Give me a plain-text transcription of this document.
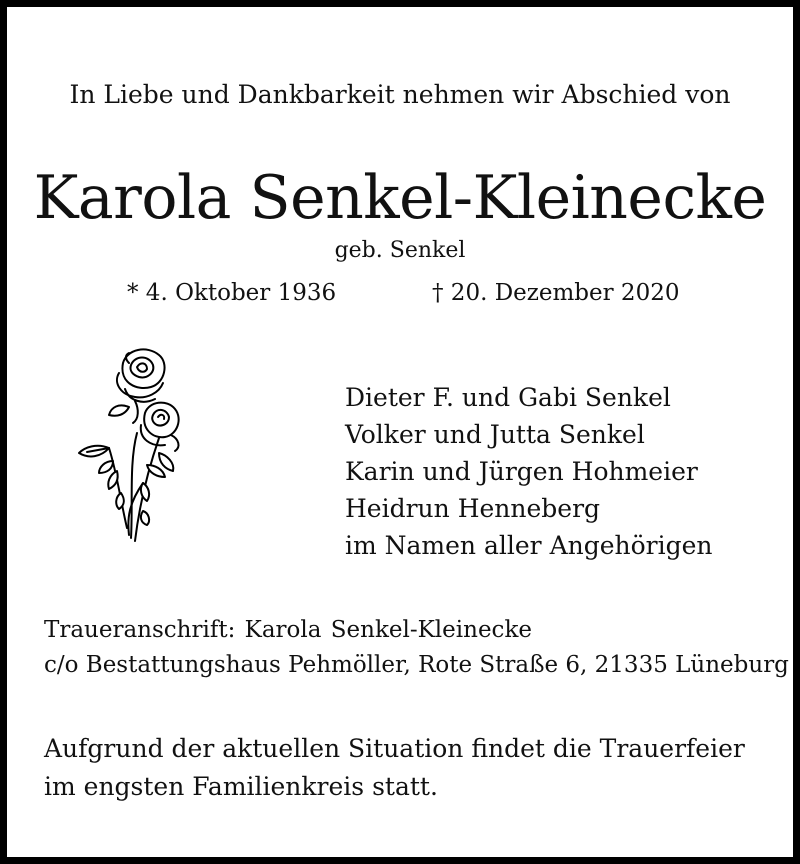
In Liebe und Dankbarkeit nehmen wir Abschied von
Karola Senkel-Kleinecke
geb. Senkel
* 4. Oktober 1936	† 20. Dezember 2020
Dieter F. und Gabi Senkel
Volker und Jutta Senkel
Karin und Jürgen Hohmeier
Heidrun Henneberg
im Namen aller Angehörigen
Traueranschrift: Karola Senkel-Kleinecke
c/o Bestattungshaus Pehmöller, Rote Straße 6, 21335 Lüneburg
Aufgrund der aktuellen Situation findet die Trauerfeier
im engsten Familienkreis statt.
